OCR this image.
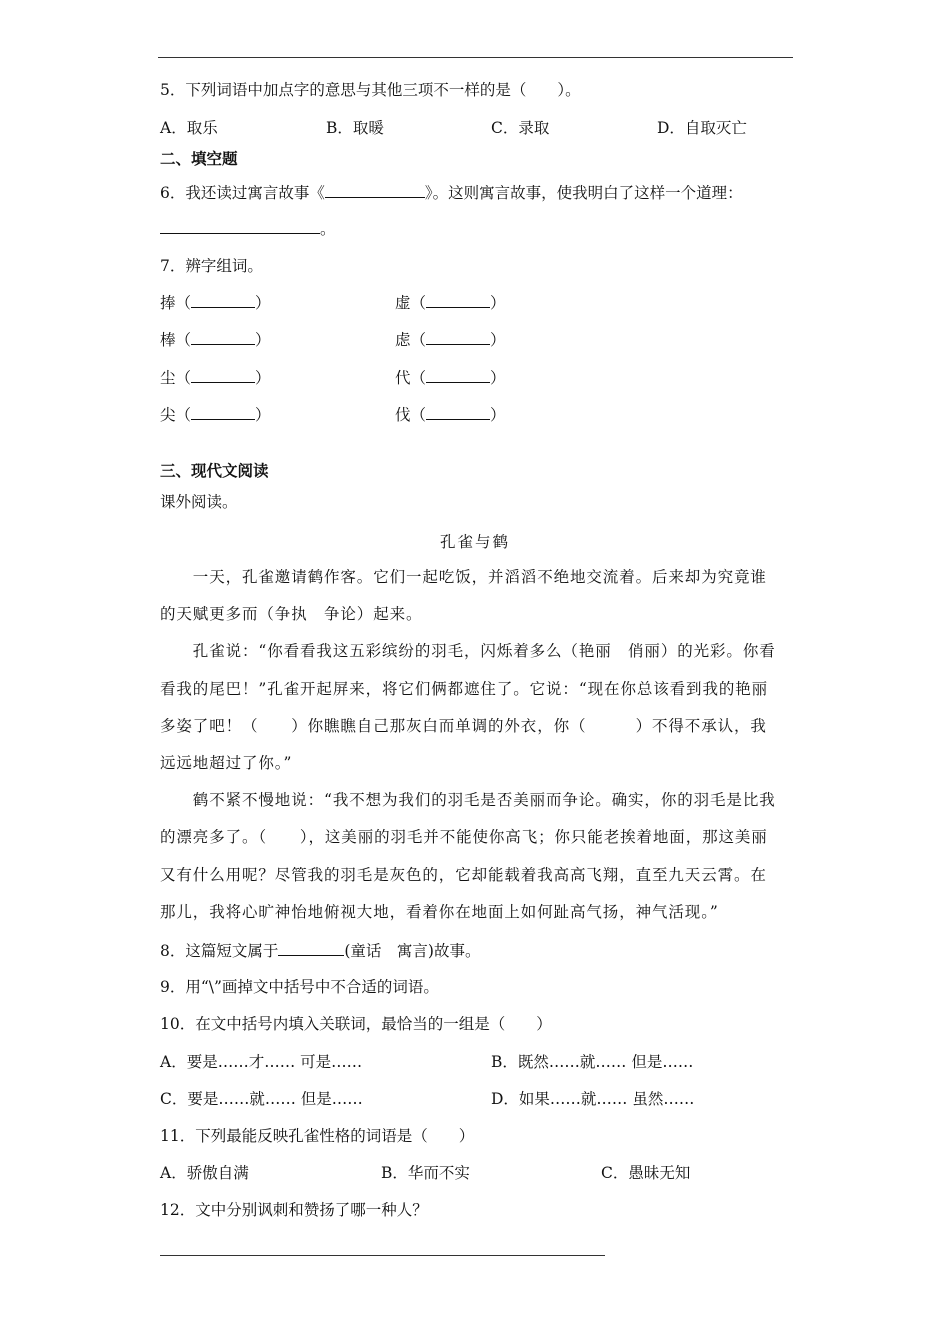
5．下列词语中加点字的意思与其他三项不一样的是（　　）。
A．取乐	B．取暖	C．录取	D．自取灭亡
二、填空题
6．我还读过寓言故事《	》。这则寓言故事，使我明白了这样一个道理：
。
7．辨字组词。
捧（	）	虚（	）
棒（	）	虑（	）
尘（	）	代（	）
尖（	）	伐（	）
三、现代文阅读
课外阅读。
孔雀与鹤
　　一天，孔雀邀请鹤作客。它们一起吃饭，并滔滔不绝地交流着。后来却为究竟谁
的天赋更多而（争执　争论）起来。
　　孔雀说：“你看看我这五彩缤纷的羽毛，闪烁着多么（艳丽　俏丽）的光彩。你看
看我的尾巴！”孔雀开起屏来，将它们俩都遮住了。它说：“现在你总该看到我的艳丽
多姿了吧！（　　）你瞧瞧自己那灰白而单调的外衣，你（　　　）不得不承认，我
远远地超过了你。”
　　鹤不紧不慢地说：“我不想为我们的羽毛是否美丽而争论。确实，你的羽毛是比我
的漂亮多了。（　　），这美丽的羽毛并不能使你高飞；你只能老挨着地面，那这美丽
又有什么用呢？尽管我的羽毛是灰色的，它却能载着我高高飞翔，直至九天云霄。在
那儿，我将心旷神怡地俯视大地，看着你在地面上如何趾高气扬，神气活现。”
8．这篇短文属于	(童话　寓言)故事。
9．用“\”画掉文中括号中不合适的词语。
10．在文中括号内填入关联词，最恰当的一组是（　　）
A．要是……才…… 可是……	B．既然……就…… 但是……
C．要是……就…… 但是……	D．如果……就…… 虽然……
11．下列最能反映孔雀性格的词语是（　　）
A．骄傲自满	B．华而不实	C．愚昧无知
12．文中分别讽刺和赞扬了哪一种人？
